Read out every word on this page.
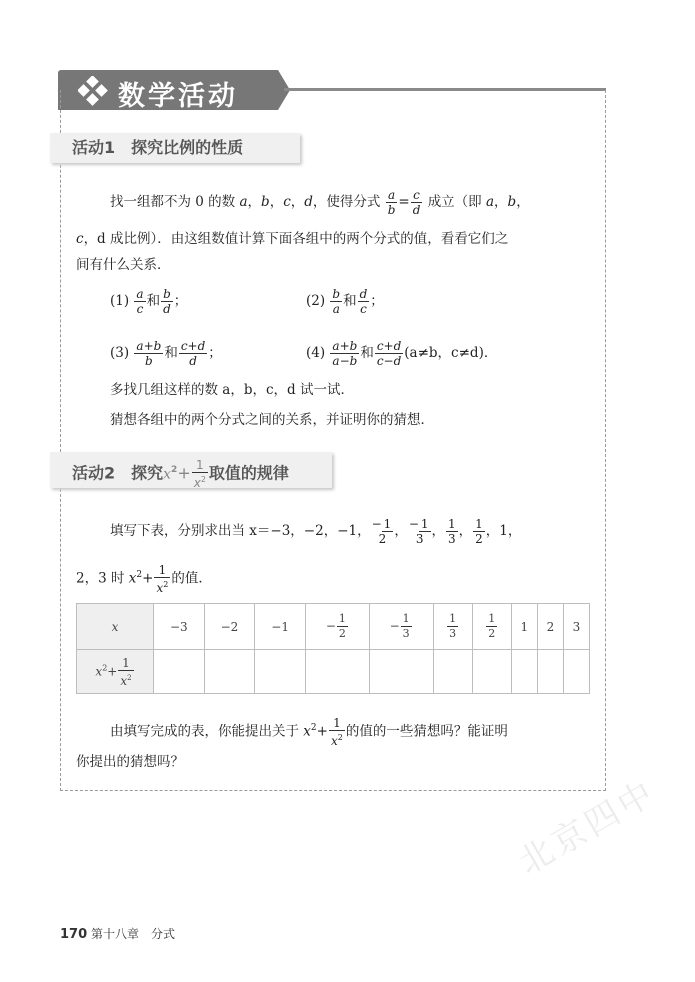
数学活动
活动1　探究比例的性质
找一组都不为 0 的数 a，b，c，d，使得分式 $\frac{a}{b} = \frac{c}{d}$ 成立（即 a，b，
c，d 成比例）．由这组数值计算下面各组中的两个分式的值，看看它们之
间有什么关系．
$(1) \frac{a}{c}$ 和 $\frac{b}{d}$ ；	$(2) \frac{b}{a}$ 和 $\frac{d}{c}$ ；
$(3) \frac{a+b}{b}$ 和 $\frac{c+d}{d}$ ；	$(4) \frac{a+b}{a-b}$ 和 $\frac{c+d}{c-d} (a\ne b$，c≠d)．
多找几组这样的数 a，b，c，d 试一试．
猜想各组中的两个分式之间的关系，并证明你的猜想．
活动2　探究$x^2+ \frac{1}{x^2}$ 取值的规律
填写下表，分别求出当 x＝−3，−2，−1，− 1
2 ，− 1
3 ， $\frac{1}{3}$ ， $\frac{1}{2}$ ，1，
2，3 时 $x^2+ \frac{1}{x^2}$ 的值．
x	−3	−2	−1	− $\frac{1}{2}$	− $\frac{1}{3}$	$\frac{1}{3}$	$\frac{1}{2}$	1	2	3
$x^2+ \frac{1}{x^2}$

由填写完成的表，你能提出关于 $x^2+ \frac{1}{x^2}$ 的值的一些猜想吗？能证明
你提出的猜想吗？
北京四中
170 第十八章　分式
